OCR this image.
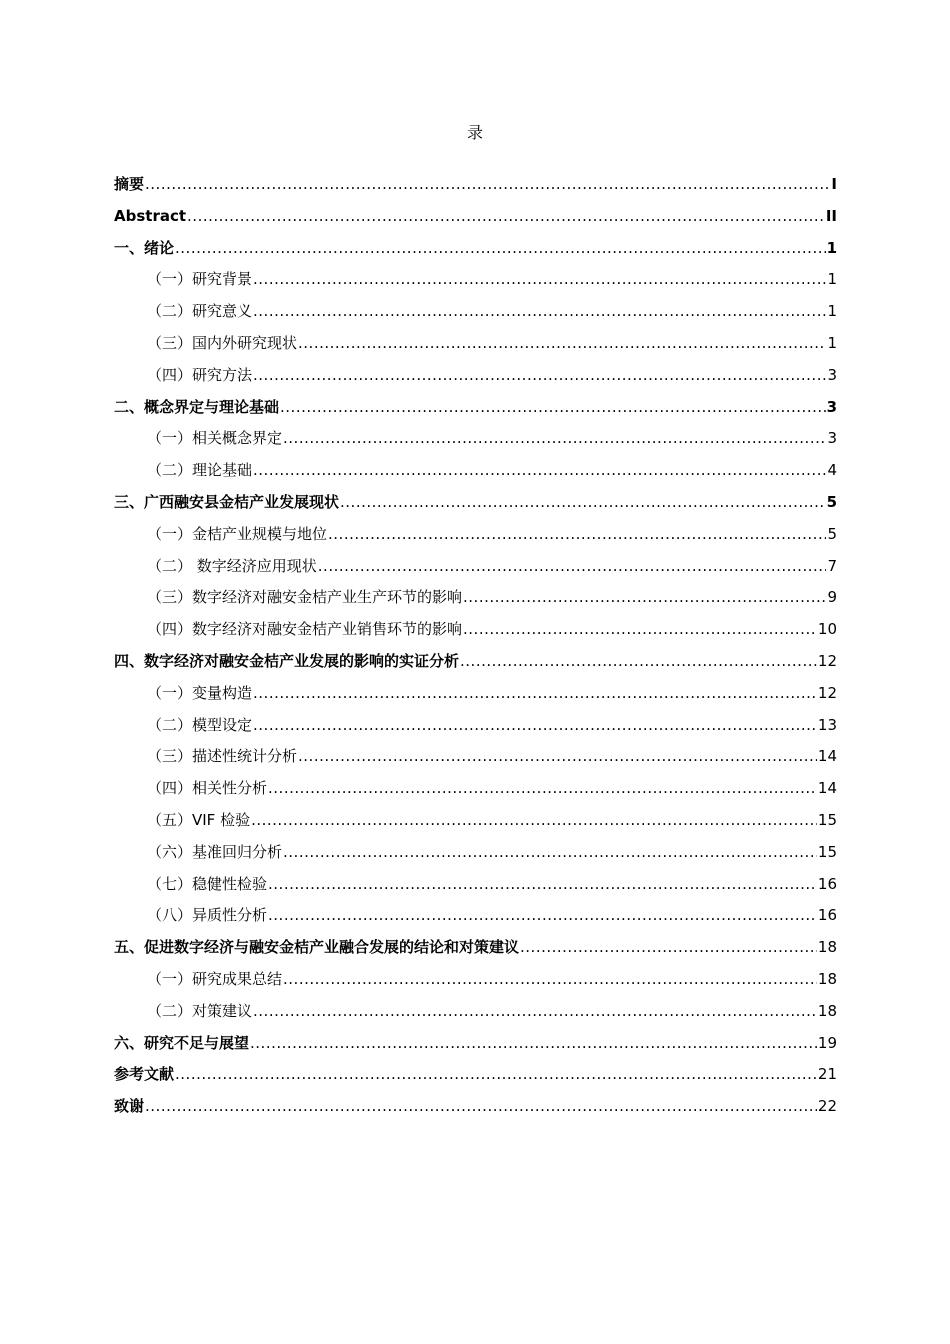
录
摘要 .....	I
Abstract .....	II
一、绪论 .....	1
（一）研究背景 .....	1
（二）研究意义 .....	1
（三）国内外研究现状 .....	1
（四）研究方法 .....	3
二、概念界定与理论基础 .....	3
（一）相关概念界定 .....	3
（二）理论基础 .....	4
三、广西融安县金桔产业发展现状 .....	5
（一）金桔产业规模与地位 .....	5
（二） 数字经济应用现状 .....	7
（三）数字经济对融安金桔产业生产环节的影响 .....	9
（四）数字经济对融安金桔产业销售环节的影响 .....	10
四、数字经济对融安金桔产业发展的影响的实证分析 .....	12
（一）变量构造 .....	12
（二）模型设定 .....	13
（三）描述性统计分析 .....	14
（四）相关性分析 .....	14
（五）VIF 检验 .....	15
（六）基准回归分析 .....	15
（七）稳健性检验 .....	16
（八）异质性分析 .....	16
五、促进数字经济与融安金桔产业融合发展的结论和对策建议 .....	18
（一）研究成果总结 .....	18
（二）对策建议 .....	18
六、研究不足与展望 .....	19
参考文献 .....	21
致谢 .....	22
